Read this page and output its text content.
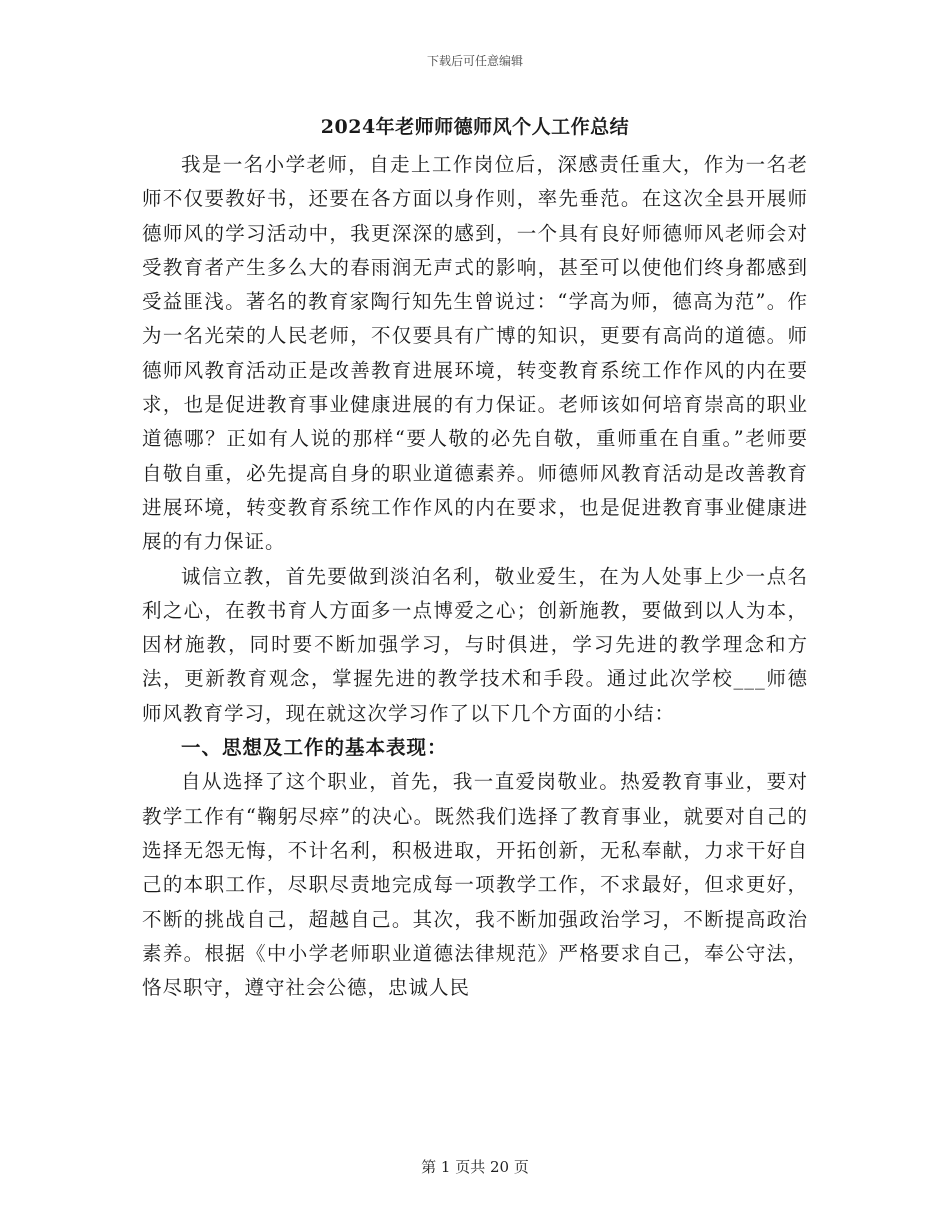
下载后可任意编辑
2024年老师师德师风个人工作总结

我是一名小学老师，自走上工作岗位后，深感责任重大，作为一名老师不仅要教好书，还要在各方面以身作则，率先垂范。在这次全县开展师德师风的学习活动中，我更深深的感到，一个具有良好师德师风老师会对受教育者产生多么大的春雨润无声式的影响，甚至可以使他们终身都感到受益匪浅。著名的教育家陶行知先生曾说过：“学高为师，德高为范”。作为一名光荣的人民老师，不仅要具有广博的知识，更要有高尚的道德。师德师风教育活动正是改善教育进展环境，转变教育系统工作作风的内在要求，也是促进教育事业健康进展的有力保证。老师该如何培育崇高的职业道德哪？正如有人说的那样“要人敬的必先自敬，重师重在自重。”老师要自敬自重，必先提高自身的职业道德素养。师德师风教育活动是改善教育进展环境，转变教育系统工作作风的内在要求，也是促进教育事业健康进展的有力保证。

诚信立教，首先要做到淡泊名利，敬业爱生，在为人处事上少一点名利之心，在教书育人方面多一点博爱之心；创新施教，要做到以人为本，因材施教，同时要不断加强学习，与时俱进，学习先进的教学理念和方法，更新教育观念，掌握先进的教学技术和手段。通过此次学校___师德师风教育学习，现在就这次学习作了以下几个方面的小结：

一、思想及工作的基本表现：

自从选择了这个职业，首先，我一直爱岗敬业。热爱教育事业，要对教学工作有“鞠躬尽瘁”的决心。既然我们选择了教育事业，就要对自己的选择无怨无悔，不计名利，积极进取，开拓创新，无私奉献，力求干好自己的本职工作，尽职尽责地完成每一项教学工作，不求最好，但求更好，不断的挑战自己，超越自己。其次，我不断加强政治学习，不断提高政治素养。根据《中小学老师职业道德法律规范》严格要求自己，奉公守法，恪尽职守，遵守社会公德，忠诚人民

第 1 页共 20 页
